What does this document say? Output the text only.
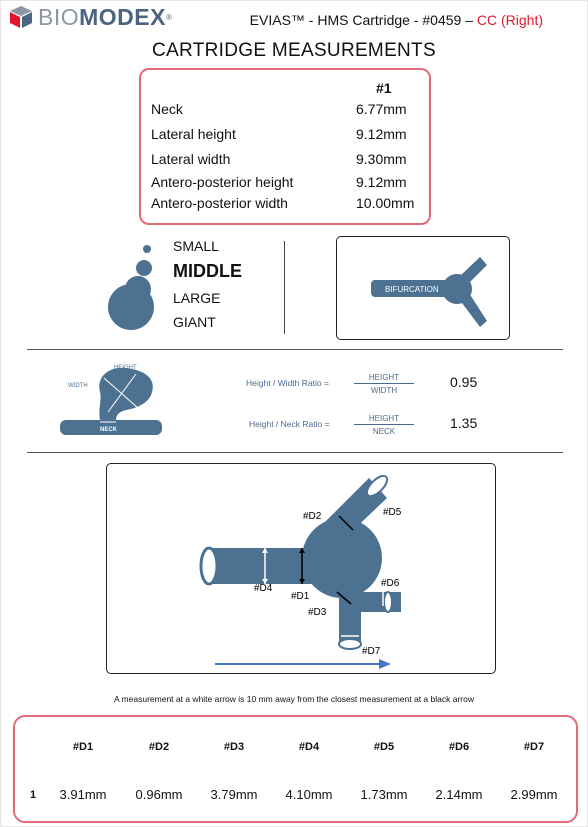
BIO MODEX ®	EVIAS™ - HMS Cartridge - #0459 – CC (Right)
CARTRIDGE MEASUREMENTS
#1
Neck	6.77mm
Lateral height	9.12mm
Lateral width	9.30mm
Antero-posterior height	9.12mm
Antero-posterior width	10.00mm
SMALL
MIDDLE
LARGE
GIANT
BIFURCATION
HEIGHT
WIDTH
NECK
Height / Width Ratio =
HEIGHT
WIDTH
0.95
Height / Neck Ratio =
HEIGHT
NECK
1.35
#D1
#D2
#D3
#D4
#D5
#D6
#D7
A measurement at a white arrow is 10 mm away from the closest measurement at a black arrow
#D1	#D2	#D3	#D4	#D5	#D6	#D7
1	3.91mm	0.96mm	3.79mm	4.10mm	1.73mm	2.14mm	2.99mm
